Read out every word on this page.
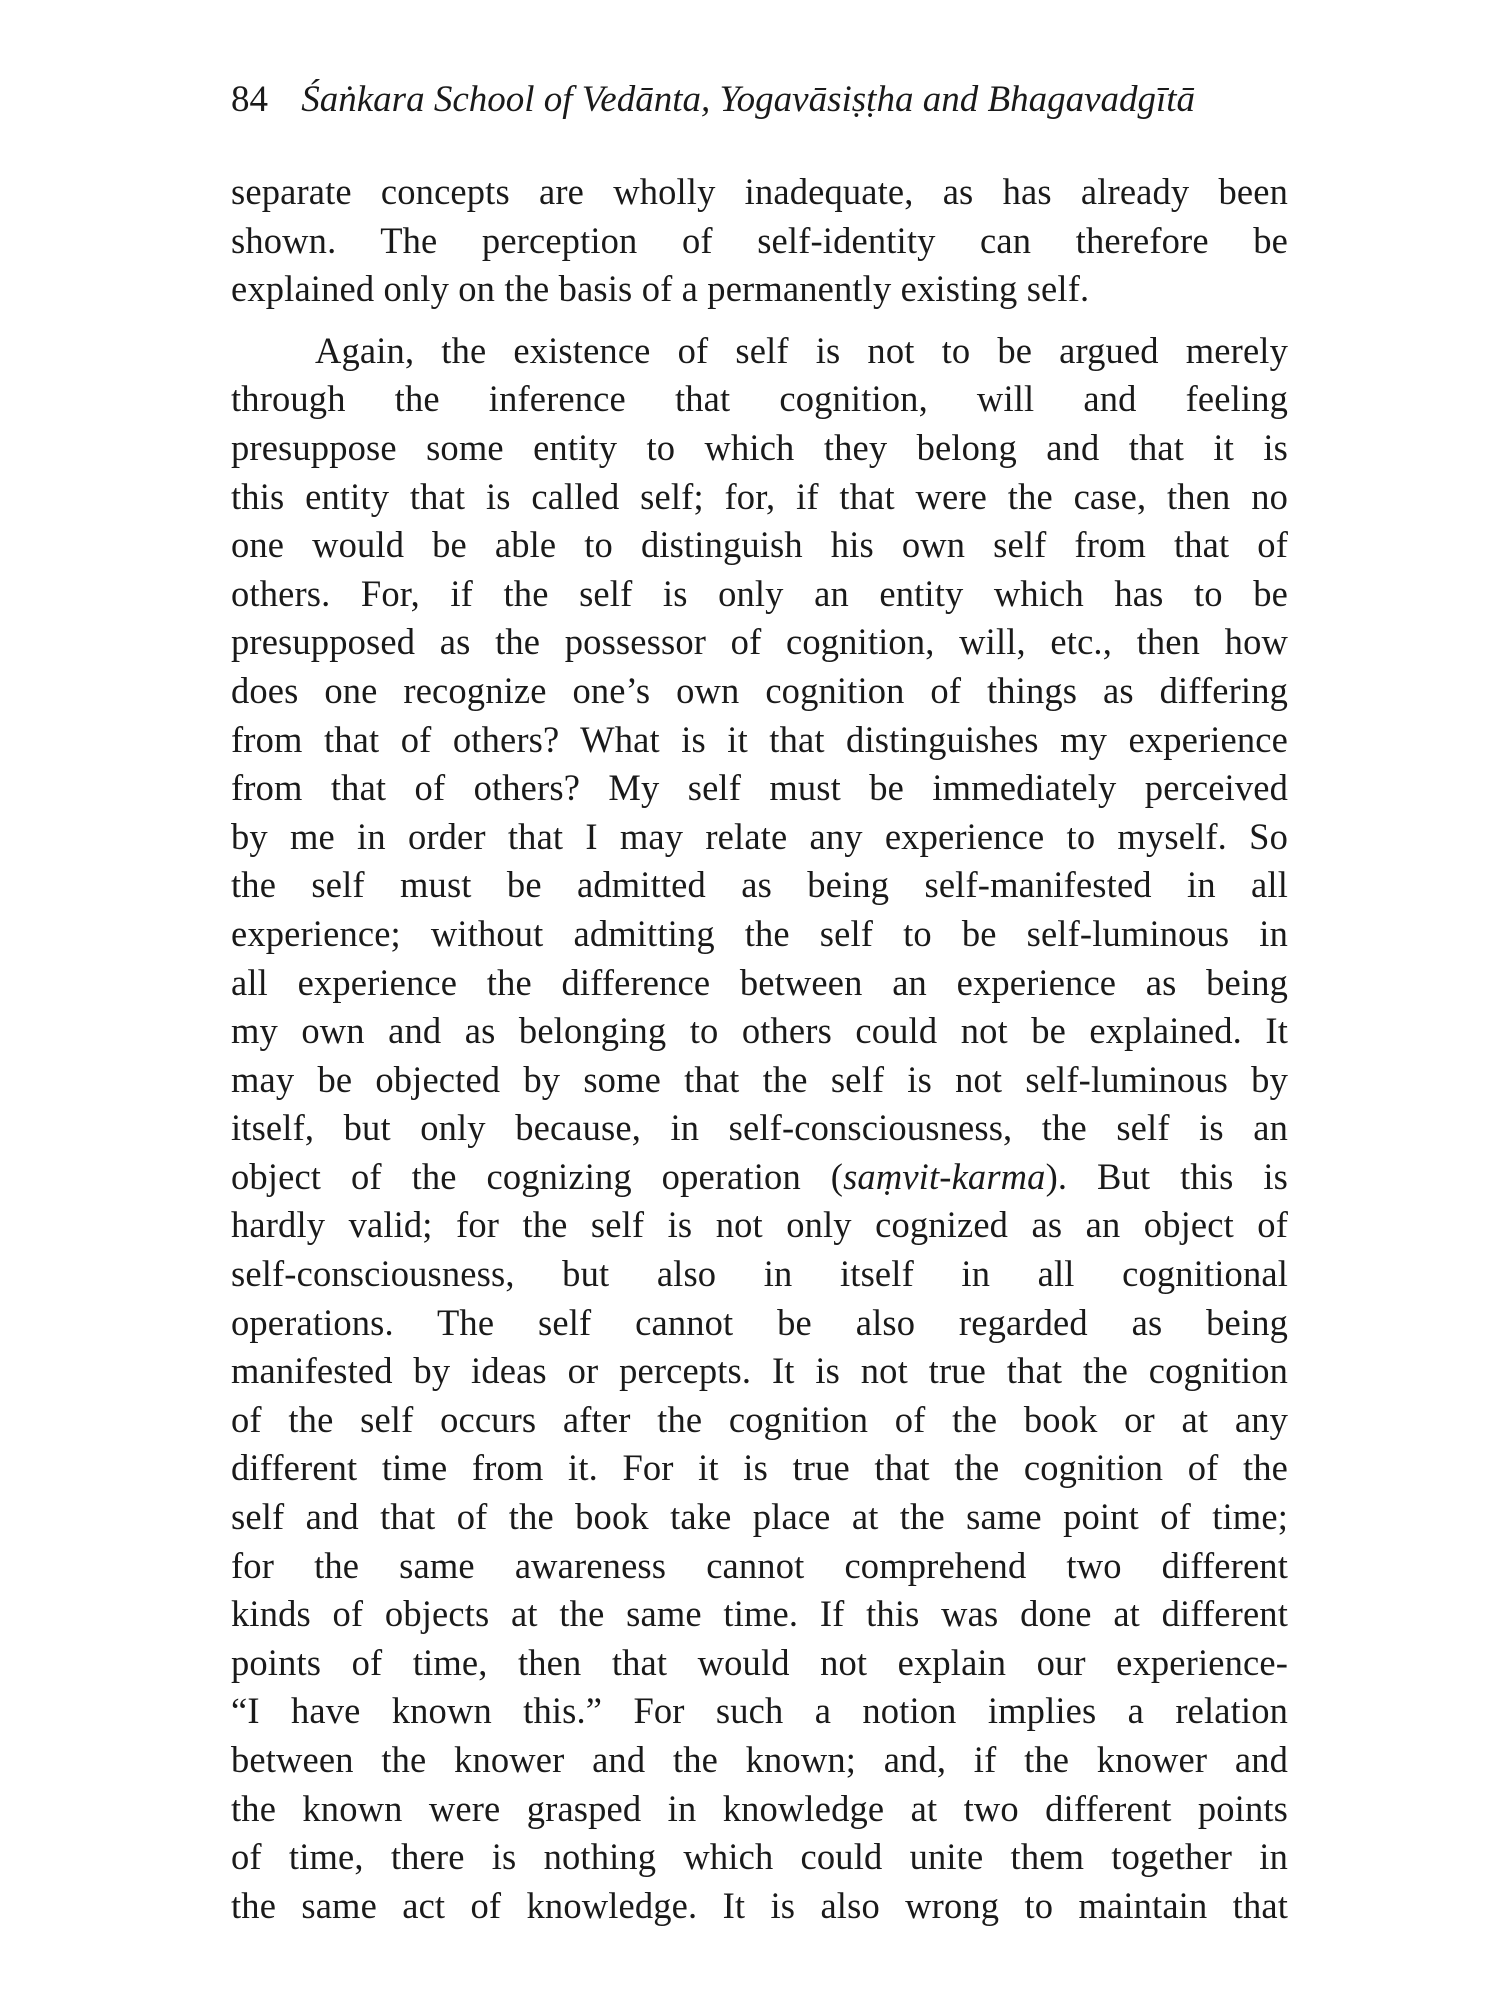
84 Śaṅkara School of Vedānta, Yogavāsiṣṭha and Bhagavadgītā
separate concepts are wholly inadequate, as has already been
shown. The perception of self-identity can therefore be
explained only on the basis of a permanently existing self.
Again, the existence of self is not to be argued merely
through the inference that cognition, will and feeling
presuppose some entity to which they belong and that it is
this entity that is called self; for, if that were the case, then no
one would be able to distinguish his own self from that of
others. For, if the self is only an entity which has to be
presupposed as the possessor of cognition, will, etc., then how
does one recognize one’s own cognition of things as differing
from that of others? What is it that distinguishes my experience
from that of others? My self must be immediately perceived
by me in order that I may relate any experience to myself. So
the self must be admitted as being self-manifested in all
experience; without admitting the self to be self-luminous in
all experience the difference between an experience as being
my own and as belonging to others could not be explained. It
may be objected by some that the self is not self-luminous by
itself, but only because, in self-consciousness, the self is an
object of the cognizing operation (saṃvit-karma). But this is
hardly valid; for the self is not only cognized as an object of
self-consciousness, but also in itself in all cognitional
operations. The self cannot be also regarded as being
manifested by ideas or percepts. It is not true that the cognition
of the self occurs after the cognition of the book or at any
different time from it. For it is true that the cognition of the
self and that of the book take place at the same point of time;
for the same awareness cannot comprehend two different
kinds of objects at the same time. If this was done at different
points of time, then that would not explain our experience-
“I have known this.” For such a notion implies a relation
between the knower and the known; and, if the knower and
the known were grasped in knowledge at two different points
of time, there is nothing which could unite them together in
the same act of knowledge. It is also wrong to maintain that
